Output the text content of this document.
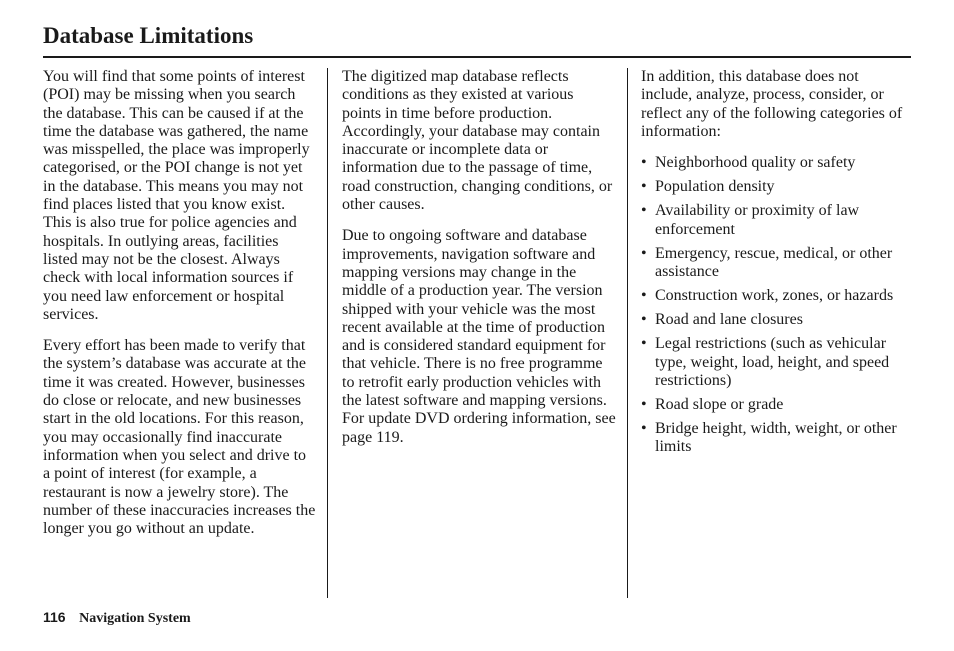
Database Limitations

You will find that some points of interest (POI) may be missing when you search the database. This can be caused if at the time the database was gathered, the name was misspelled, the place was improperly categorised, or the POI change is not yet in the database. This means you may not find places listed that you know exist. This is also true for police agencies and hospitals. In outlying areas, facilities listed may not be the closest. Always check with local information sources if you need law enforcement or hospital services.

Every effort has been made to verify that the system’s database was accurate at the time it was created. However, businesses do close or relocate, and new businesses start in the old locations. For this reason, you may occasionally find inaccurate information when you select and drive to a point of interest (for example, a restaurant is now a jewelry store). The number of these inaccuracies increases the longer you go without an update.

The digitized map database reflects conditions as they existed at various points in time before production. Accordingly, your database may contain inaccurate or incomplete data or information due to the passage of time, road construction, changing conditions, or other causes.

Due to ongoing software and database improvements, navigation software and mapping versions may change in the middle of a production year. The version shipped with your vehicle was the most recent available at the time of production and is considered standard equipment for that vehicle. There is no free programme to retrofit early production vehicles with the latest software and mapping versions. For update DVD ordering information, see page 119.

In addition, this database does not include, analyze, process, consider, or reflect any of the following categories of information:

• Neighborhood quality or safety
• Population density
• Availability or proximity of law enforcement
• Emergency, rescue, medical, or other assistance
• Construction work, zones, or hazards
• Road and lane closures
• Legal restrictions (such as vehicular type, weight, load, height, and speed restrictions)
• Road slope or grade
• Bridge height, width, weight, or other limits
116 Navigation System
